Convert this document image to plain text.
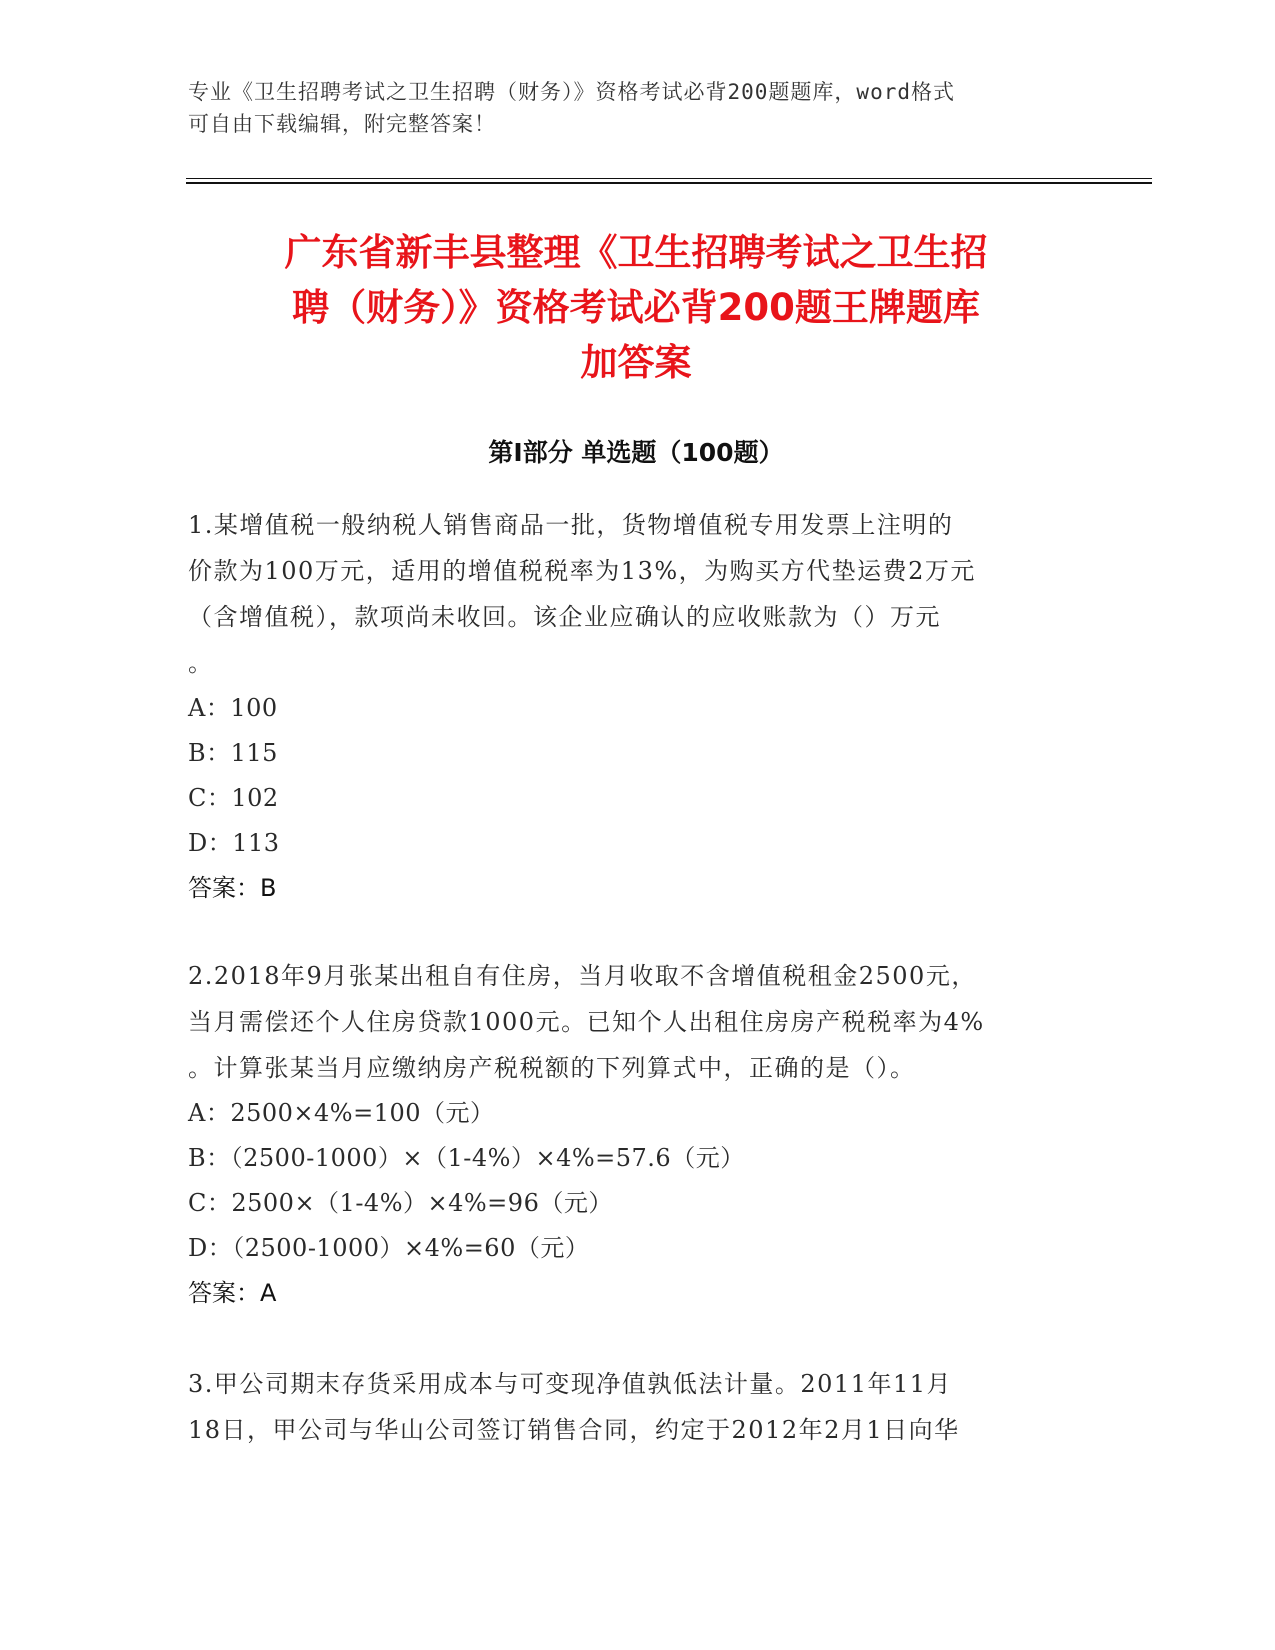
专业《卫生招聘考试之卫生招聘（财务）》资格考试必背200题题库，word格式
可自由下载编辑，附完整答案！
广东省新丰县整理《卫生招聘考试之卫生招
聘（财务）》资格考试必背200题王牌题库
加答案
第Ⅰ部分 单选题（100题）
1.某增值税一般纳税人销售商品一批，货物增值税专用发票上注明的
价款为100万元，适用的增值税税率为13%，为购买方代垫运费2万元
（含增值税），款项尚未收回。该企业应确认的应收账款为（）万元
。
A：100
B：115
C：102
D：113
答案：B
2.2018年9月张某出租自有住房，当月收取不含增值税租金2500元，
当月需偿还个人住房贷款1000元。已知个人出租住房房产税税率为4%
。计算张某当月应缴纳房产税税额的下列算式中，正确的是（）。
A：2500×4%=100（元）
B：（2500-1000）×（1-4%）×4%=57.6（元）
C：2500×（1-4%）×4%=96（元）
D：（2500-1000）×4%=60（元）
答案：A
3.甲公司期末存货采用成本与可变现净值孰低法计量。2011年11月
18日，甲公司与华山公司签订销售合同，约定于2012年2月1日向华
